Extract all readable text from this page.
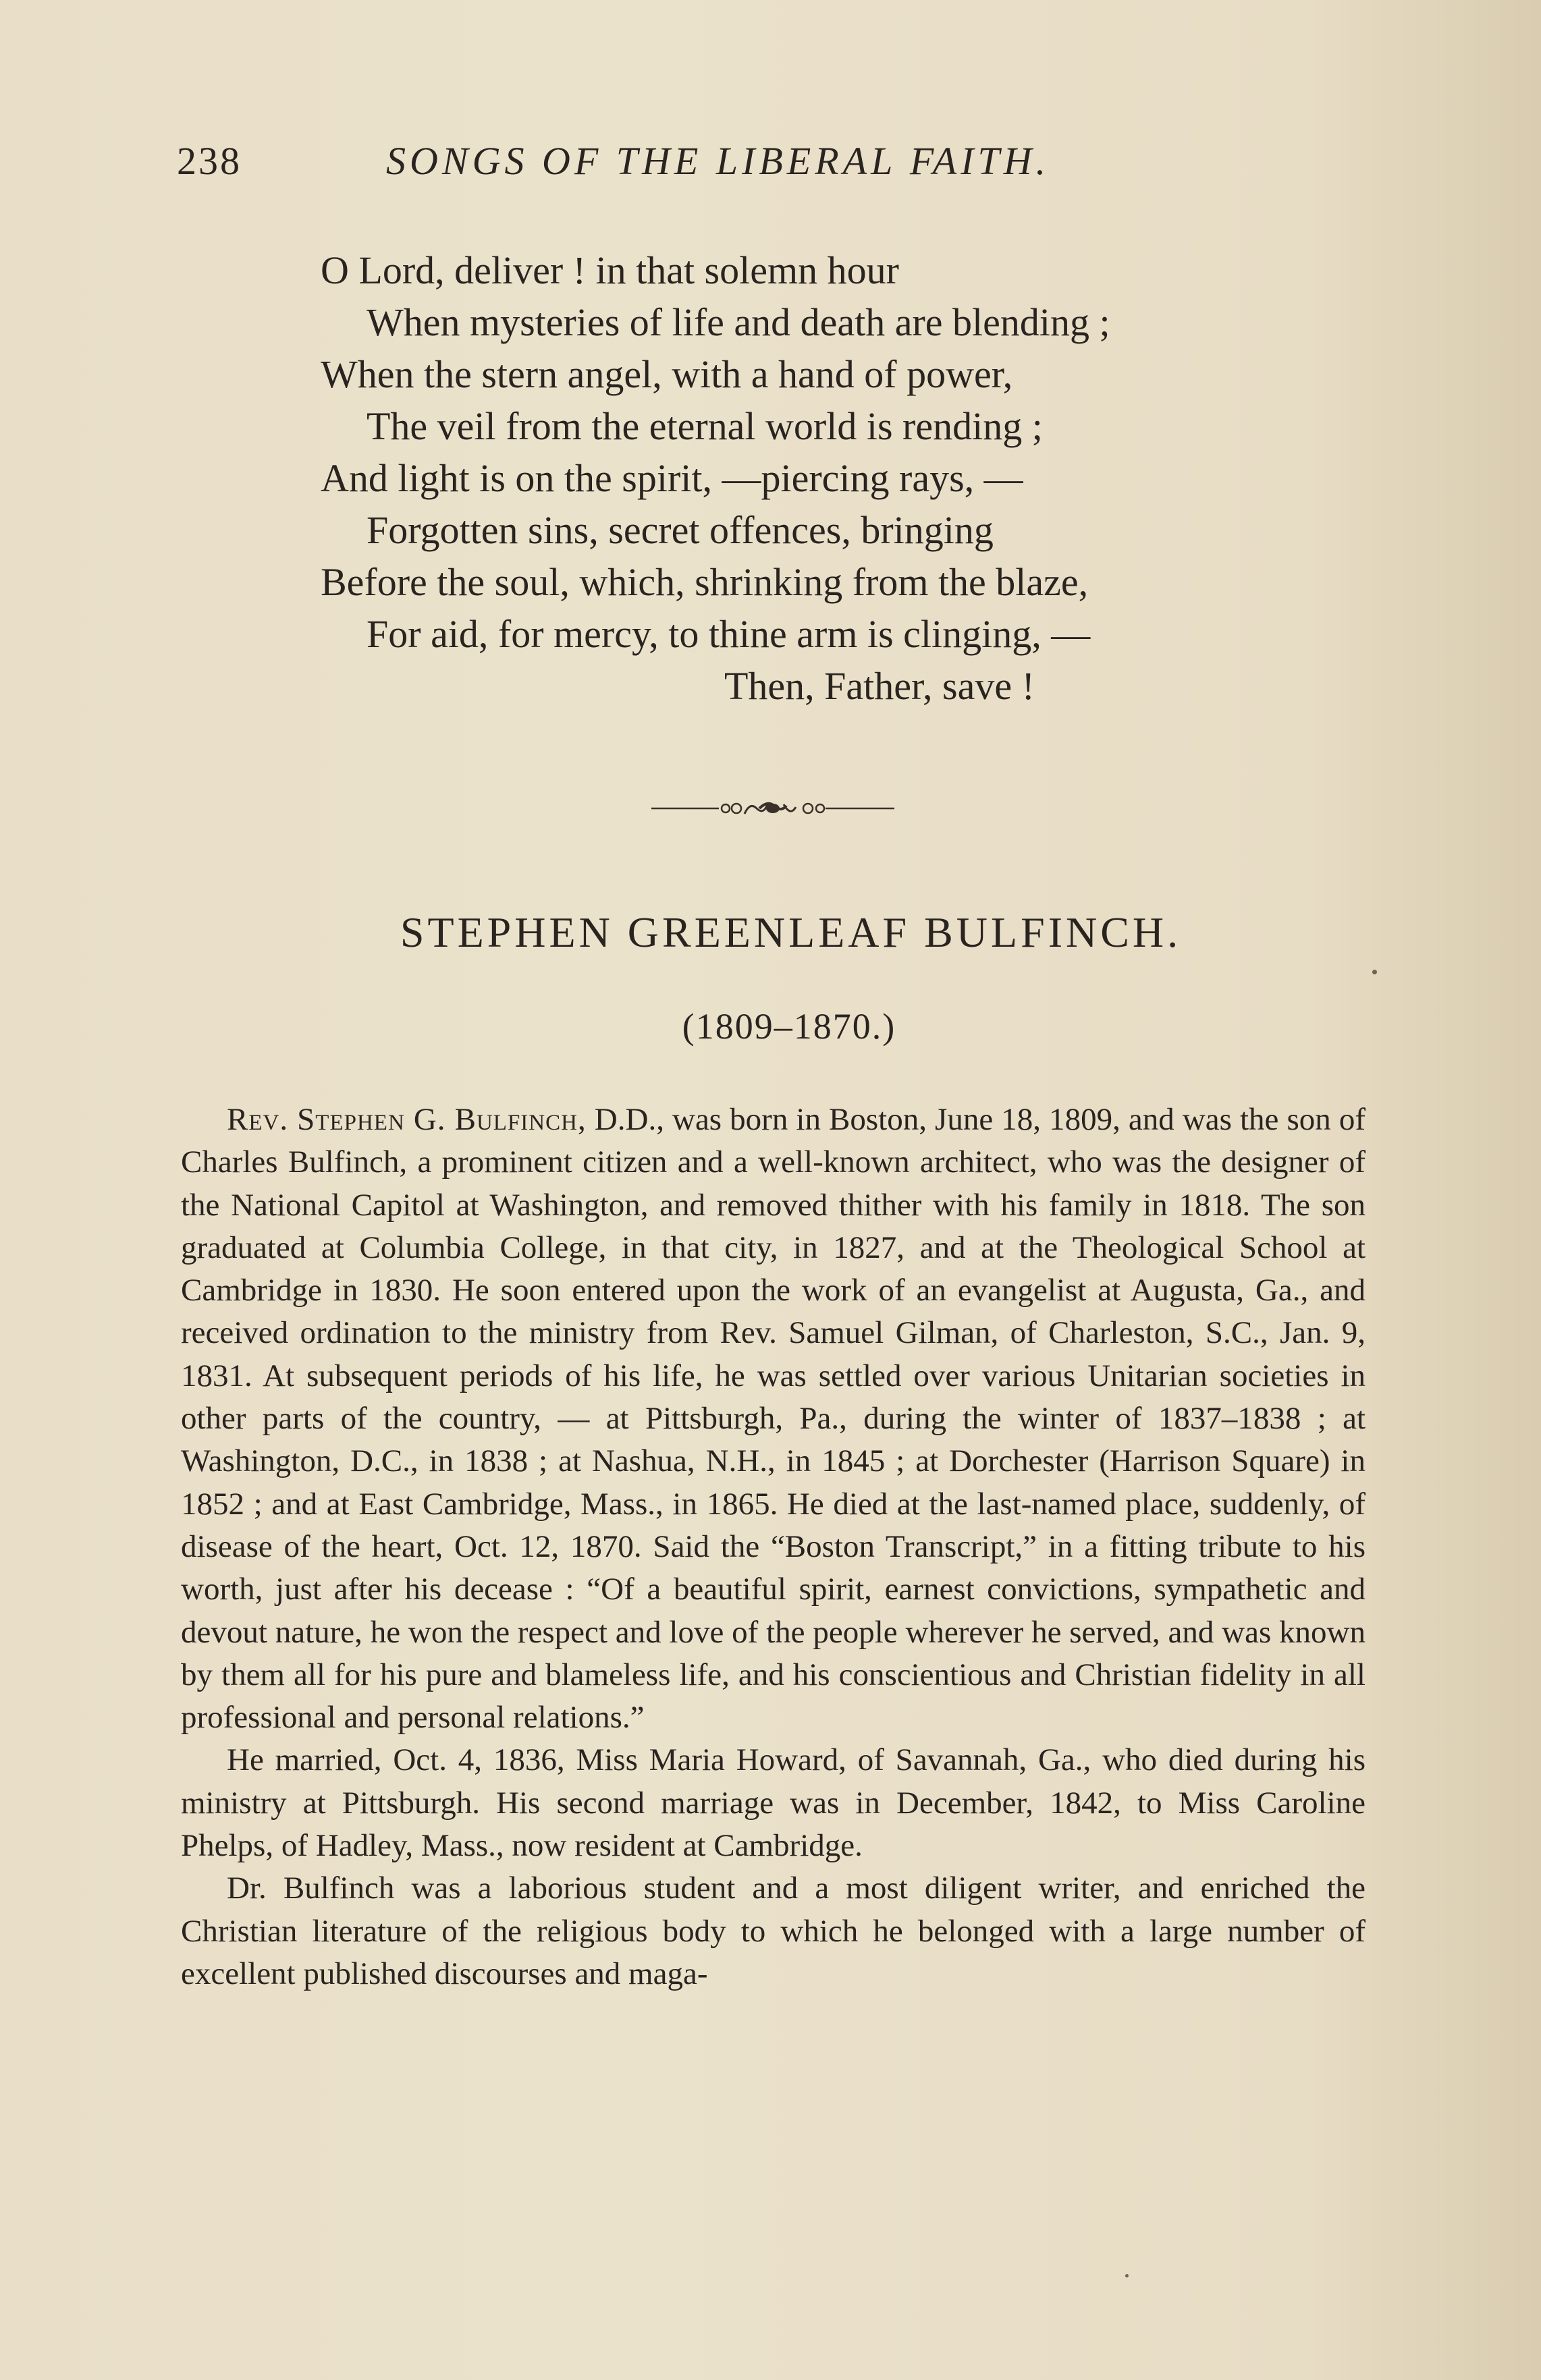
238	SONGS OF THE LIBERAL FAITH.
O Lord, deliver ! in that solemn hour
When mysteries of life and death are blending ;
When the stern angel, with a hand of power,
The veil from the eternal world is rending ;
And light is on the spirit, —piercing rays, —
Forgotten sins, secret offences, bringing
Before the soul, which, shrinking from the blaze,
For aid, for mercy, to thine arm is clinging, —
Then, Father, save !
STEPHEN GREENLEAF BULFINCH.
(1809–1870.)

Rev. Stephen G. Bulfinch, D.D., was born in Boston, June 18, 1809, and was the son of Charles Bulfinch, a prominent citizen and a well-known architect, who was the designer of the National Capitol at Washington, and removed thither with his family in 1818. The son graduated at Columbia College, in that city, in 1827, and at the Theological School at Cambridge in 1830. He soon entered upon the work of an evangelist at Augusta, Ga., and received ordination to the ministry from Rev. Samuel Gilman, of Charleston, S.C., Jan. 9, 1831. At subsequent periods of his life, he was settled over various Unitarian societies in other parts of the country, — at Pittsburgh, Pa., during the winter of 1837–1838 ; at Washington, D.C., in 1838 ; at Nashua, N.H., in 1845 ; at Dorchester (Harrison Square) in 1852 ; and at East Cambridge, Mass., in 1865. He died at the last-named place, suddenly, of disease of the heart, Oct. 12, 1870. Said the “Boston Transcript,” in a fitting tribute to his worth, just after his decease : “Of a beautiful spirit, earnest convictions, sympathetic and devout nature, he won the respect and love of the people wherever he served, and was known by them all for his pure and blameless life, and his conscientious and Christian fidelity in all professional and personal relations.”

He married, Oct. 4, 1836, Miss Maria Howard, of Savannah, Ga., who died during his ministry at Pittsburgh. His second marriage was in December, 1842, to Miss Caroline Phelps, of Hadley, Mass., now resident at Cambridge.

Dr. Bulfinch was a laborious student and a most diligent writer, and enriched the Christian literature of the religious body to which he belonged with a large number of excellent published discourses and maga-
